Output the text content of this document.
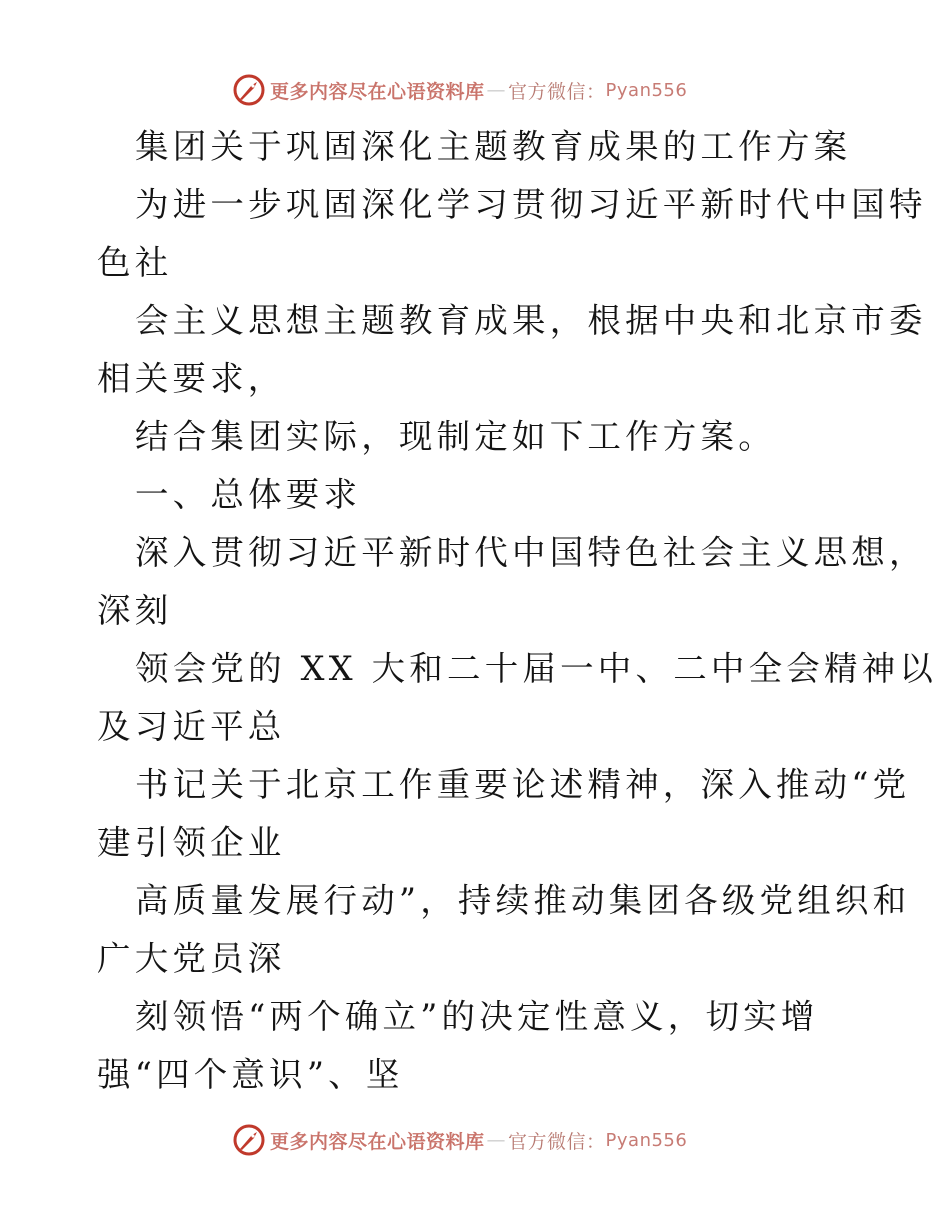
更多内容尽在心语资料库 — 官方微信： Pyan556
集团关于巩固深化主题教育成果的工作方案
为进一步巩固深化学习贯彻习近平新时代中国特
色社
会主义思想主题教育成果，根据中央和北京市委
相关要求，
结合集团实际，现制定如下工作方案。
一、总体要求
深入贯彻习近平新时代中国特色社会主义思想，
深刻
领会党的 XX 大和二十届一中、二中全会精神以
及习近平总
书记关于北京工作重要论述精神，深入推动“党
建引领企业
高质量发展行动”，持续推动集团各级党组织和
广大党员深
刻领悟“两个确立”的决定性意义，切实增
强“四个意识”、坚
更多内容尽在心语资料库 — 官方微信： Pyan556
